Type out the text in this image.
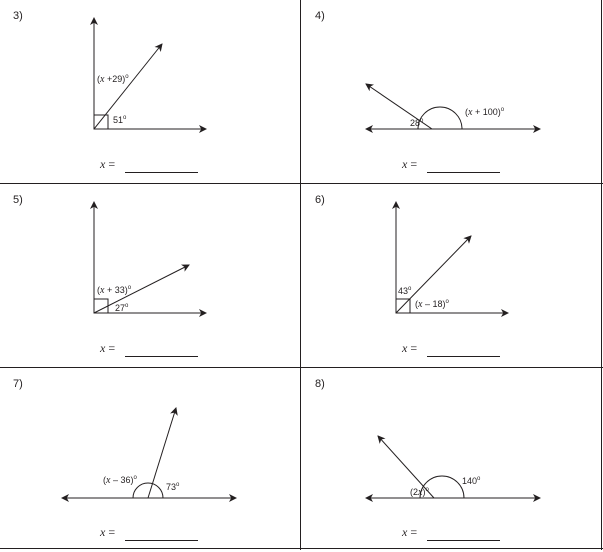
3)
$(x +29)^o$
51$^o$
x =
4)
28$^o$
$(x + 100)^o$
x =
5)
$(x + 33)^o$
27$^o$
x =
6)
43$^o$
(x – 18)$^o$
x =
7)
(x – 36)$^o$
73$^o$
x =
8)
$(2x)^o$
140$^o$
x =
